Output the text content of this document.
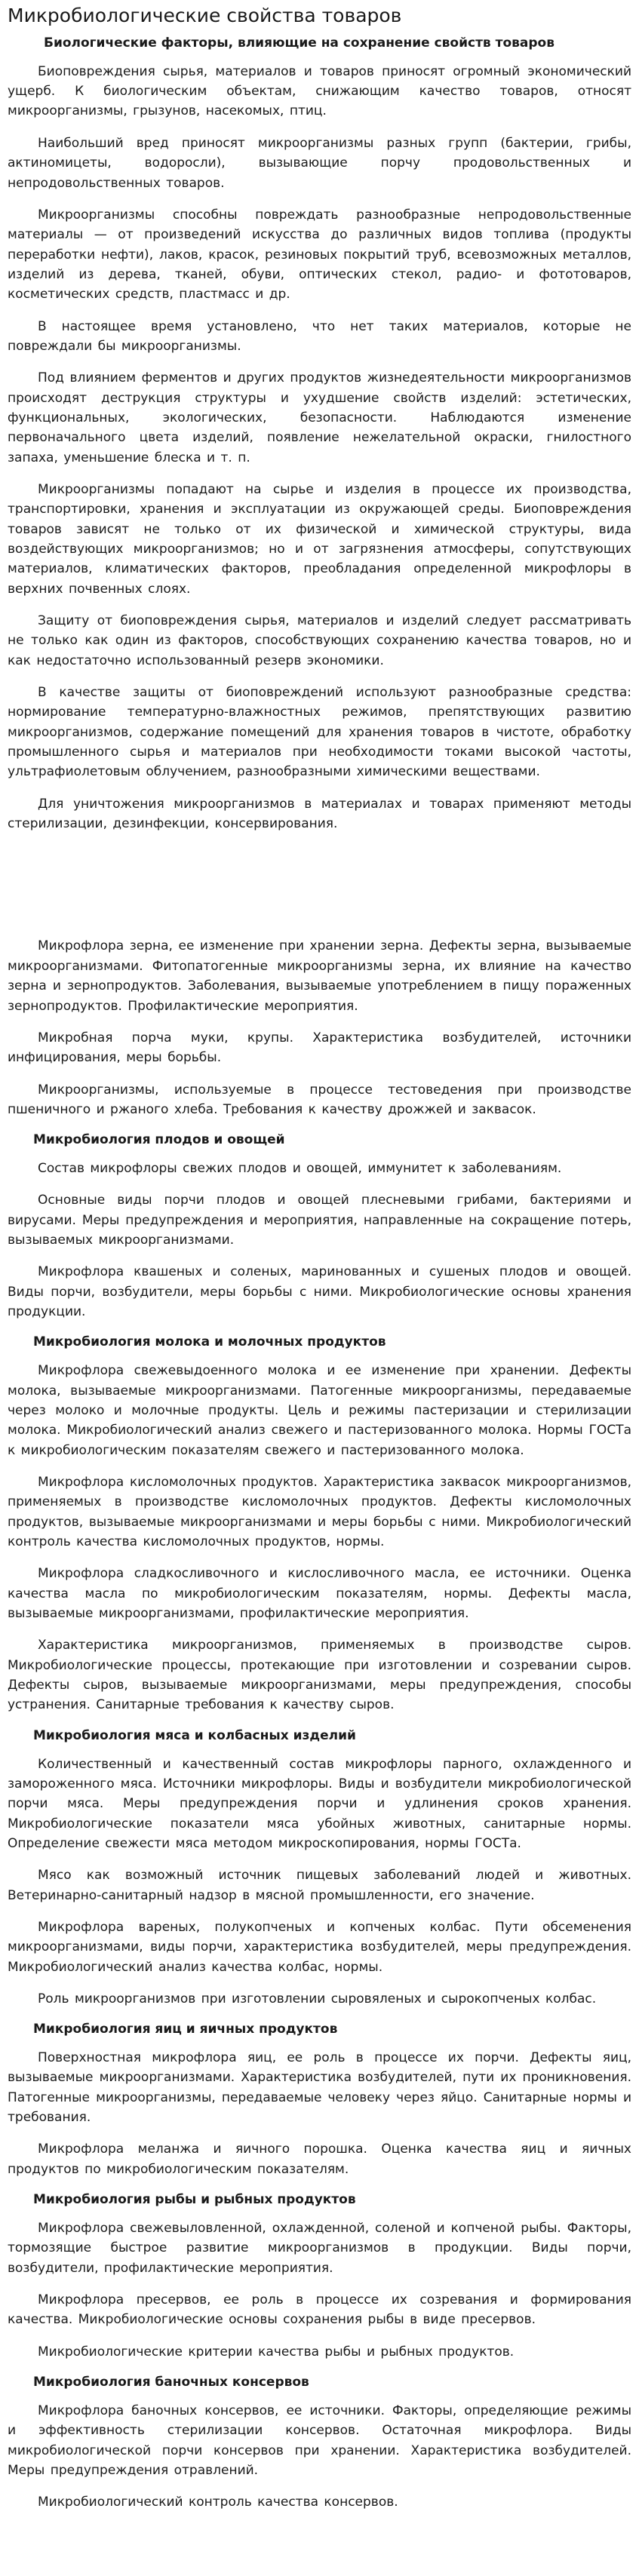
Микробиологические свойства товаров
Биологические факторы, влияющие на сохранение свойств товаров

Биоповреждения сырья, материалов и товаров приносят огромный экономический ущерб. К биологическим объектам, снижающим качество товаров, относят микроорганизмы, грызунов, насекомых, птиц.

Наибольший вред приносят микроорганизмы разных групп (бактерии, грибы, актиномицеты, водоросли), вызывающие порчу продовольственных и непродовольственных товаров.

Микроорганизмы способны повреждать разнообразные непродовольственные материалы — от произведений искусства до различных видов топлива (продукты переработки нефти), лаков, красок, резиновых покрытий труб, всевозможных металлов, изделий из дерева, тканей, обуви, оптических стекол, радио- и фототоваров, косметических средств, пластмасс и др.

В настоящее время установлено, что нет таких материалов, которые не повреждали бы микроорганизмы.

Под влиянием ферментов и других продуктов жизнедеятельности микроорганизмов происходят деструкция структуры и ухудшение свойств изделий: эстетических, функциональных, экологических, безопасности. Наблюдаются изменение первоначального цвета изделий, появление нежелательной окраски, гнилостного запаха, уменьшение блеска и т. п.

Микроорганизмы попадают на сырье и изделия в процессе их производства, транспортировки, хранения и эксплуатации из окружающей среды. Биоповреждения товаров зависят не только от их физической и химической структуры, вида воздействующих микроорганизмов; но и от загрязнения атмосферы, сопутствующих материалов, климатических факторов, преобладания определенной микрофлоры в верхних почвенных слоях.

Защиту от биоповреждения сырья, материалов и изделий следует рассматривать не только как один из факторов, способствующих сохранению качества товаров, но и как недостаточно использованный резерв экономики.

В качестве защиты от биоповреждений используют разнообразные средства: нормирование температурно-влажностных режимов, препятствующих развитию микроорганизмов, содержание помещений для хранения товаров в чистоте, обработку промышленного сырья и материалов при необходимости токами высокой частоты, ультрафиолетовым облучением, разнообразными химическими веществами.

Для уничтожения микроорганизмов в материалах и товарах применяют методы стерилизации, дезинфекции, консервирования.

Микрофлора зерна, ее изменение при хранении зерна. Дефекты зерна, вызываемые микроорганизмами. Фитопатогенные микроорганизмы зерна, их влияние на качество зерна и зернопродуктов. Заболевания, вызываемые употреблением в пищу пораженных зернопродуктов. Профилактические мероприятия.

Микробная порча муки, крупы. Характеристика возбудителей, источники инфицирования, меры борьбы.

Микроорганизмы, используемые в процессе тестоведения при производстве пшеничного и ржаного хлеба. Требования к качеству дрожжей и заквасок.

Микробиология плодов и овощей

Состав микрофлоры свежих плодов и овощей, иммунитет к заболеваниям.

Основные виды порчи плодов и овощей плесневыми грибами, бактериями и вирусами. Меры предупреждения и мероприятия, направленные на сокращение потерь, вызываемых микроорганизмами.

Микрофлора квашеных и соленых, маринованных и сушеных плодов и овощей. Виды порчи, возбудители, меры борьбы с ними. Микробиологические основы хранения продукции.

Микробиология молока и молочных продуктов

Микрофлора свежевыдоенного молока и ее изменение при хранении. Дефекты молока, вызываемые микроорганизмами. Патогенные микроорганизмы, передаваемые через молоко и молочные продукты. Цель и режимы пастеризации и стерилизации молока. Микробиологический анализ свежего и пастеризованного молока. Нормы ГОСТа к микробиологическим показателям свежего и пастеризованного молока.

Микрофлора кисломолочных продуктов. Характеристика заквасок микроорганизмов, применяемых в производстве кисломолочных продуктов. Дефекты кисломолочных продуктов, вызываемые микроорганизмами и меры борьбы с ними. Микробиологический контроль качества кисломолочных продуктов, нормы.

Микрофлора сладкосливочного и кислосливочного масла, ее источники. Оценка качества масла по микробиологическим показателям, нормы. Дефекты масла, вызываемые микроорганизмами, профилактические мероприятия.

Характеристика микроорганизмов, применяемых в производстве сыров. Микробиологические процессы, протекающие при изготовлении и созревании сыров. Дефекты сыров, вызываемые микроорганизмами, меры предупреждения, способы устранения. Санитарные требования к качеству сыров.

Микробиология мяса и колбасных изделий

Количественный и качественный состав микрофлоры парного, охлажденного и замороженного мяса. Источники микрофлоры. Виды и возбудители микробиологической порчи мяса. Меры предупреждения порчи и удлинения сроков хранения. Микробиологические показатели мяса убойных животных, санитарные нормы. Определение свежести мяса методом микроскопирования, нормы ГОСТа.

Мясо как возможный источник пищевых заболеваний людей и животных. Ветеринарно-санитарный надзор в мясной промышленности, его значение.

Микрофлора вареных, полукопченых и копченых колбас. Пути обсеменения микроорганизмами, виды порчи, характеристика возбудителей, меры предупреждения. Микробиологический анализ качества колбас, нормы.

Роль микроорганизмов при изготовлении сыровяленых и сырокопченых колбас.

Микробиология яиц и яичных продуктов

Поверхностная микрофлора яиц, ее роль в процессе их порчи. Дефекты яиц, вызываемые микроорганизмами. Характеристика возбудителей, пути их проникновения. Патогенные микроорганизмы, передаваемые человеку через яйцо. Санитарные нормы и требования.

Микрофлора меланжа и яичного порошка. Оценка качества яиц и яичных продуктов по микробиологическим показателям.

Микробиология рыбы и рыбных продуктов

Микрофлора свежевыловленной, охлажденной, соленой и копченой рыбы. Факторы, тормозящие быстрое развитие микроорганизмов в продукции. Виды порчи, возбудители, профилактические мероприятия.

Микрофлора пресервов, ее роль в процессе их созревания и формирования качества. Микробиологические основы сохранения рыбы в виде пресервов.

Микробиологические критерии качества рыбы и рыбных продуктов.

Микробиология баночных консервов

Микрофлора баночных консервов, ее источники. Факторы, определяющие режимы и эффективность стерилизации консервов. Остаточная микрофлора. Виды микробиологической порчи консервов при хранении. Характеристика возбудителей. Меры предупреждения отравлений.

Микробиологический контроль качества консервов.
